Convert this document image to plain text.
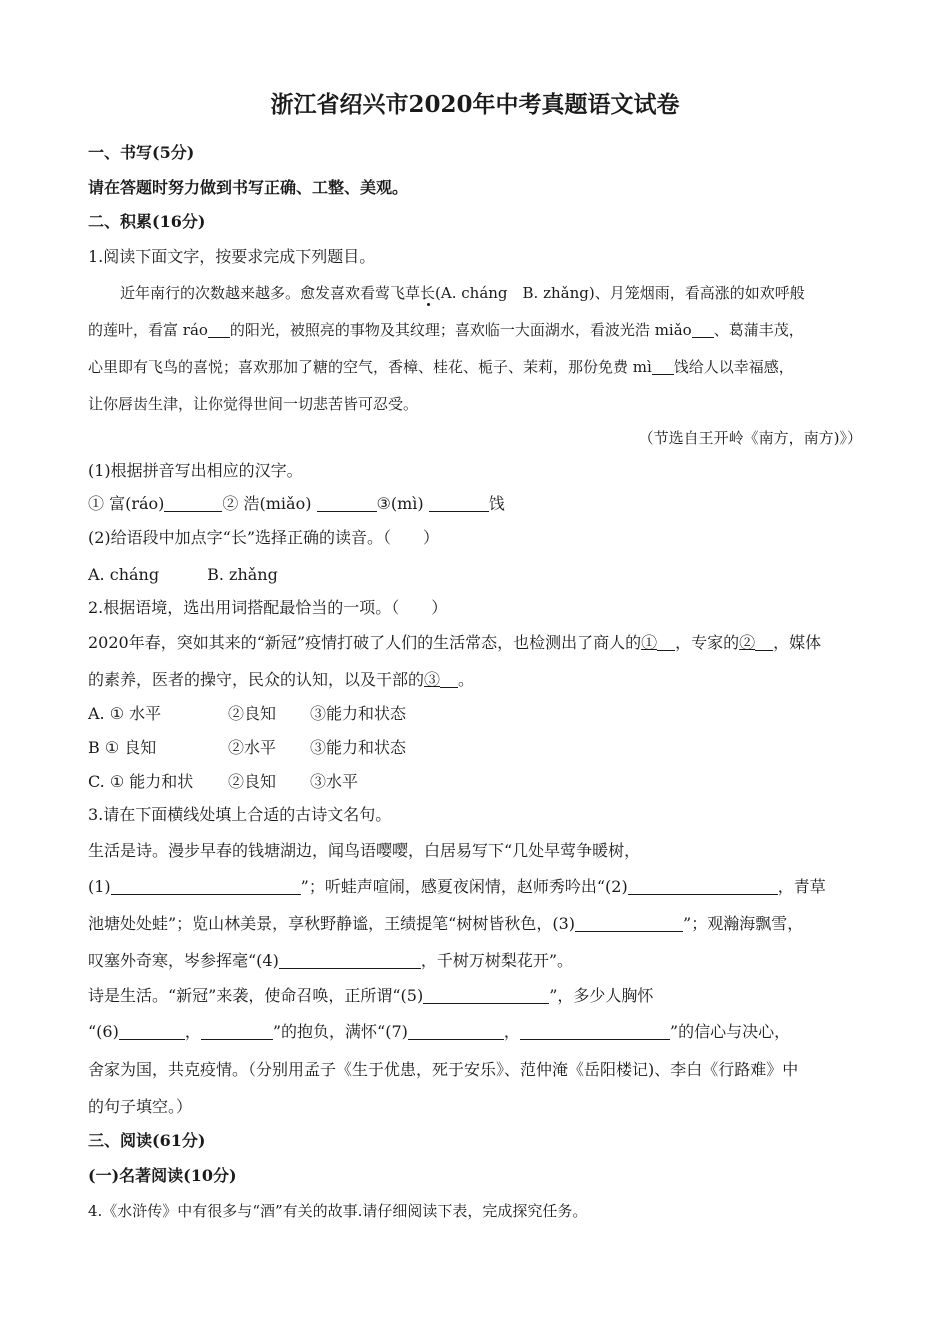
浙江省绍兴市2020年中考真题语文试卷
一、书写(5分)
请在答题时努力做到书写正确、工整、美观。
二、积累(16分)
1.阅读下面文字，按要求完成下列题目。
近年南行的次数越来越多。愈发喜欢看莺飞草长(A. cháng　B. zhǎng)、月笼烟雨，看高涨的如欢呼般
的莲叶，看富 ráo 的阳光，被照亮的事物及其纹理；喜欢临一大面湖水，看波光浩 miǎo 、葛蒲丰茂，
心里即有飞鸟的喜悦；喜欢那加了糖的空气，香樟、桂花、栀子、茉莉，那份免费 mì 饯给人以幸福感，
让你唇齿生津，让你觉得世间一切悲苦皆可忍受。
（节选自王开岭《南方，南方)》）
(1)根据拼音写出相应的汉字。
① 富(ráo)	② 浩(miǎo)	③(mì)	饯
(2)给语段中加点字“长”选择正确的读音。（　　）
A. cháng	B. zhǎng
2.根据语境，选出用词搭配最恰当的一项。（　　）
2020年春，突如其来的“新冠”疫情打破了人们的生活常态，也检测出了商人的① ，专家的② ，媒体
的素养，医者的操守，民众的认知，以及干部的③ 。
A. ① 水平	②良知 ③能力和状态
B ① 良知	②水平 ③能力和状态
C. ① 能力和状 ②良知 ③水平
3.请在下面横线处填上合适的古诗文名句。
生活是诗。漫步早春的钱塘湖边，闻鸟语嘤嘤，白居易写下“几处早莺争暖树，
(1)	”；听蛙声喧闹，感夏夜闲情，赵师秀吟出“(2)	，青草
池塘处处蛙”；览山林美景，享秋野静谧，王绩提笔“树树皆秋色，(3)	”；观瀚海飘雪，
叹塞外奇寒，岑参挥毫“(4)	，千树万树梨花开”。
诗是生活。“新冠”来袭，使命召唤，正所谓“(5)	”，多少人胸怀
“(6)	，	”的抱负，满怀“(7)	，	”的信心与决心，
舍家为国，共克疫情。（分别用孟子《生于优患，死于安乐》、范仲淹《岳阳楼记)、李白《行路难》中
的句子填空。）
三、阅读(61分)
(一)名著阅读(10分)
4.《水浒传》中有很多与“酒”有关的故事.请仔细阅读下表，完成探究任务。
